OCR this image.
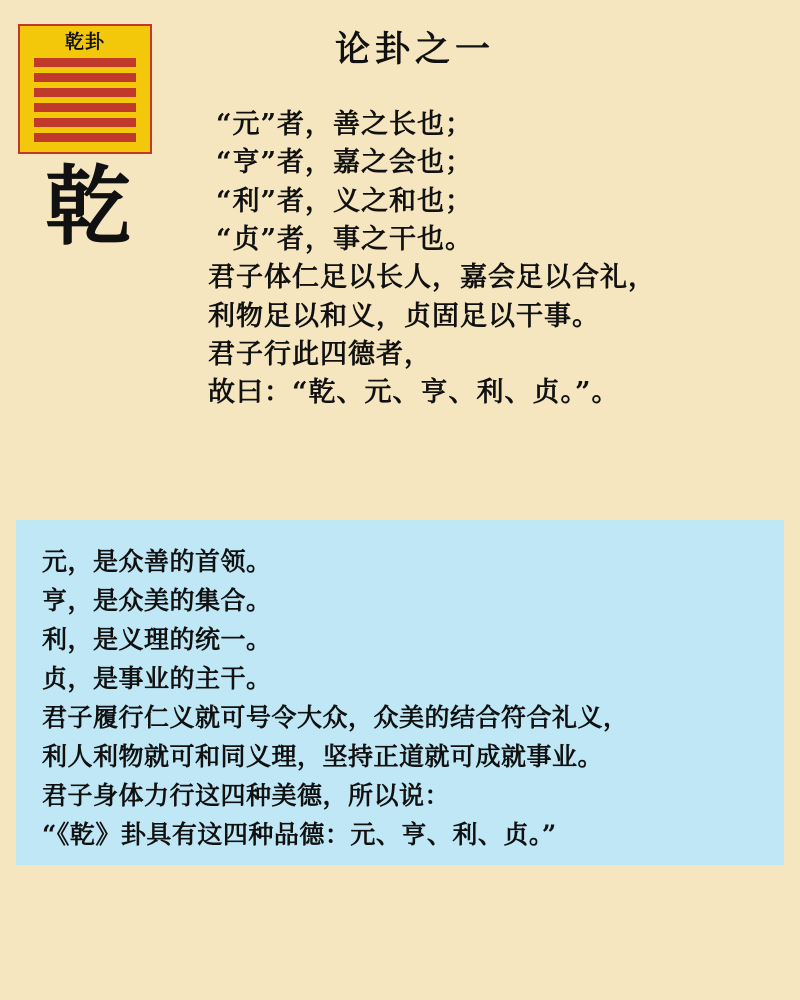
乾卦
乾
论卦之一
“元”者，善之长也；
“亨”者，嘉之会也；
“利”者，义之和也；
“贞”者，事之干也。
君子体仁足以长人，嘉会足以合礼，
利物足以和义，贞固足以干事。
君子行此四德者，
故曰：“乾、元、亨、利、贞。”。
元，是众善的首领。
亨，是众美的集合。
利，是义理的统一。
贞，是事业的主干。
君子履行仁义就可号令大众，众美的结合符合礼义，
利人利物就可和同义理，坚持正道就可成就事业。
君子身体力行这四种美德，所以说：
“《乾》卦具有这四种品德：元、亨、利、贞。”
